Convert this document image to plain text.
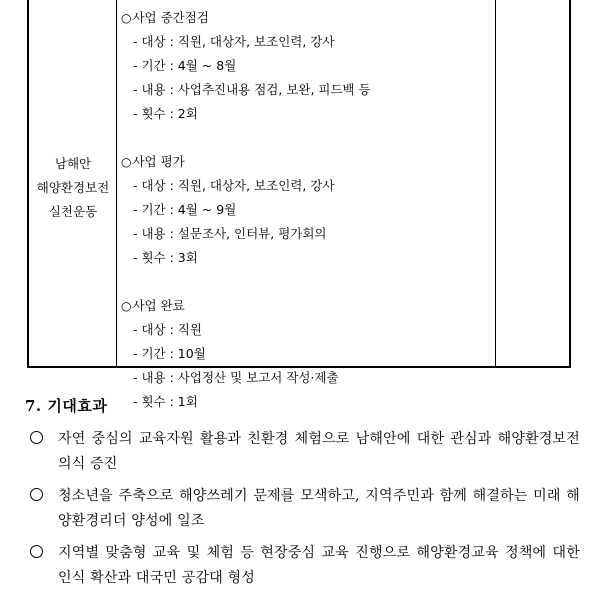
남해안
해양환경보전
실천운동
○사업 중간점검
- 대상 : 직원, 대상자, 보조인력, 강사
- 기간 : 4월 ~ 8월
- 내용 : 사업추진내용 점검, 보완, 피드백 등
- 횟수 : 2회
○사업 평가
- 대상 : 직원, 대상자, 보조인력, 강사
- 기간 : 4월 ~ 9월
- 내용 : 설문조사, 인터뷰, 평가회의
- 횟수 : 3회
○사업 완료
- 대상 : 직원
- 기간 : 10월
- 내용 : 사업정산 및 보고서 작성·제출
- 횟수 : 1회
7. 기대효과
자연 중심의 교육자원 활용과 친환경 체험으로 남해안에 대한 관심과 해양환경보전의식 증진
청소년을 주축으로 해양쓰레기 문제를 모색하고, 지역주민과 함께 해결하는 미래 해양환경리더 양성에 일조
지역별 맞춤형 교육 및 체험 등 현장중심 교육 진행으로 해양환경교육 정책에 대한 인식 확산과 대국민 공감대 형성
